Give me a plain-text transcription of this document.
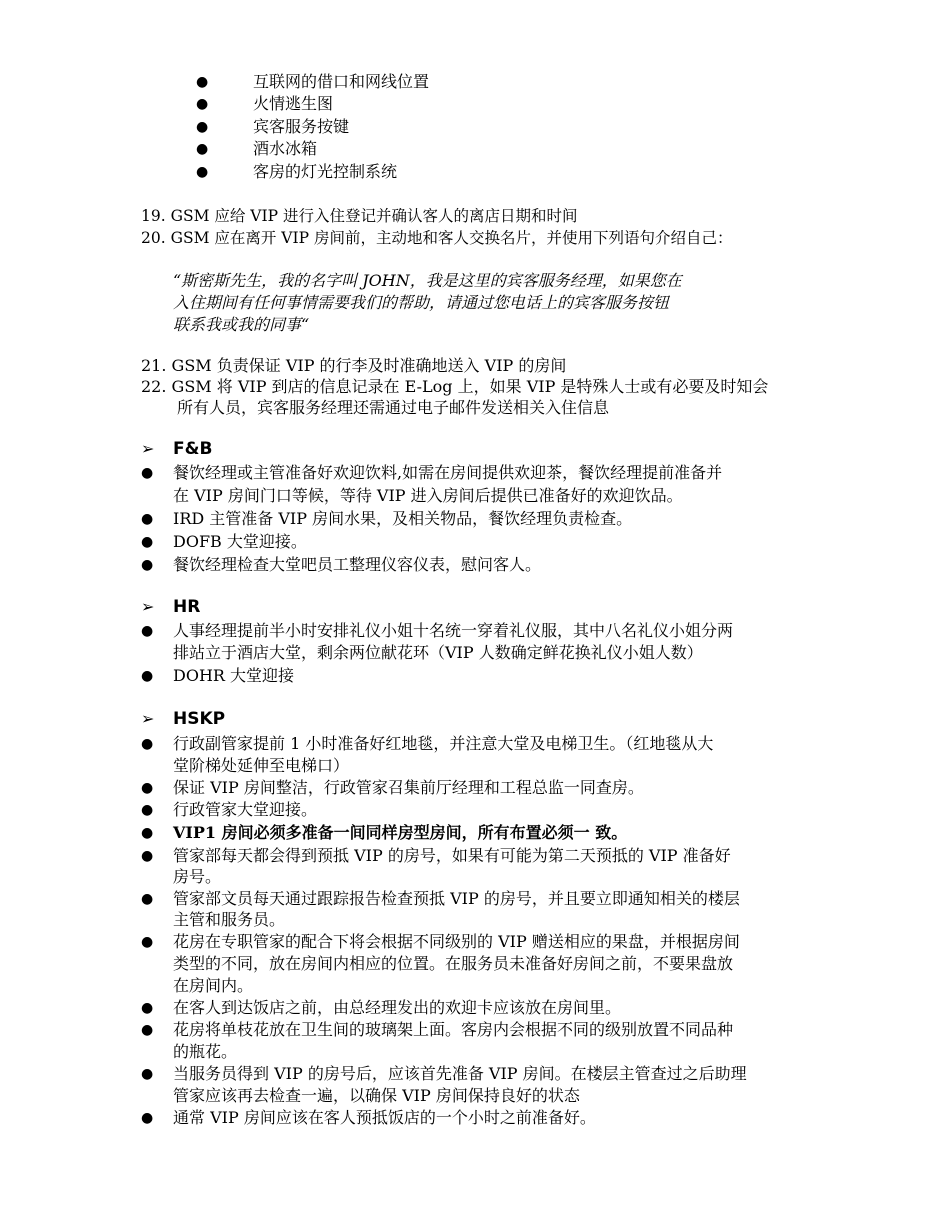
●	互联网的借口和网线位置
●	火情逃生图
●	宾客服务按键
●	酒水冰箱
●	客房的灯光控制系统
19. GSM 应给 VIP 进行入住登记并确认客人的离店日期和时间
20. GSM 应在离开 VIP 房间前，主动地和客人交换名片，并使用下列语句介绍自己：
“斯密斯先生，我的名字叫 JOHN，我是这里的宾客服务经理，如果您在
入住期间有任何事情需要我们的帮助，请通过您电话上的宾客服务按钮
联系我或我的同事“
21. GSM 负责保证 VIP 的行李及时准确地送入 VIP 的房间
22. GSM 将 VIP 到店的信息记录在 E-Log 上，如果 VIP 是特殊人士或有必要及时知会
所有人员，宾客服务经理还需通过电子邮件发送相关入住信息
➢ F&B
● 餐饮经理或主管准备好欢迎饮料,如需在房间提供欢迎茶，餐饮经理提前准备并
在 VIP 房间门口等候，等待 VIP 进入房间后提供已准备好的欢迎饮品。
● IRD 主管准备 VIP 房间水果，及相关物品，餐饮经理负责检查。
● DOFB 大堂迎接。
● 餐饮经理检查大堂吧员工整理仪容仪表，慰问客人。
➢ HR
● 人事经理提前半小时安排礼仪小姐十名统一穿着礼仪服，其中八名礼仪小姐分两
排站立于酒店大堂，剩余两位献花环（VIP 人数确定鲜花换礼仪小姐人数）
● DOHR 大堂迎接
➢ HSKP
● 行政副管家提前 1 小时准备好红地毯，并注意大堂及电梯卫生。（红地毯从大
堂阶梯处延伸至电梯口）
● 保证 VIP 房间整洁，行政管家召集前厅经理和工程总监一同查房。
● 行政管家大堂迎接。
● VIP1 房间必须多准备一间同样房型房间，所有布置必须一 致。
● 管家部每天都会得到预抵 VIP 的房号，如果有可能为第二天预抵的 VIP 准备好
房号。
● 管家部文员每天通过跟踪报告检查预抵 VIP 的房号，并且要立即通知相关的楼层
主管和服务员。
● 花房在专职管家的配合下将会根据不同级别的 VIP 赠送相应的果盘，并根据房间
类型的不同，放在房间内相应的位置。在服务员未准备好房间之前，不要果盘放
在房间内。
● 在客人到达饭店之前，由总经理发出的欢迎卡应该放在房间里。
● 花房将单枝花放在卫生间的玻璃架上面。客房内会根据不同的级别放置不同品种
的瓶花。
● 当服务员得到 VIP 的房号后，应该首先准备 VIP 房间。在楼层主管查过之后助理
管家应该再去检查一遍，以确保 VIP 房间保持良好的状态
● 通常 VIP 房间应该在客人预抵饭店的一个小时之前准备好。
